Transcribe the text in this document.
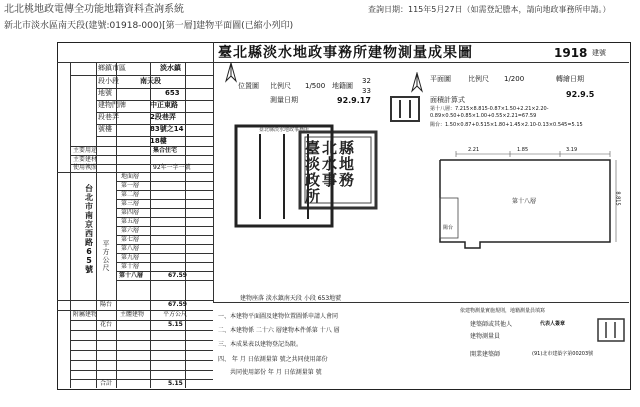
北北桃地政電傳全功能地籍資料查詢系統	查詢日期：115年5月27日（如需登記謄本，請向地政事務所申請。）
新北市淡水區南天段(建號:01918-000)[第一層]建物平面圖(已縮小列印)
臺北縣淡水地政事務所建物測量成果圖	1918 建號
鄉鎮市區	淡水鎮
段小段	南天段
地號	653
建物門牌	中正東路
段巷弄	2段巷弄
號樓	83號之14
18樓
主要用途	集合住宅
主要建材
使用執照	92年一字一號
台北市南京西路65號
地面層
第一層
第二層
第三層
第四層
第五層
第六層
第七層
第八層
第九層
第十層
第十八層	67.59
平方公尺
陽台	67.59
附屬建物	主體建物	平方公尺
花台	5.15
合計	5.15
位置圖 比例尺 1/500 地籍圖
32
33
測量日期	92.9.17
平面圖 比例尺 1/200	轉繪日期
92.9.5
面積計算式
第十八層：7.215×8.815-0.87×1.50+2.21×2.20-0.89×0.50+0.85×1.00+0.55×2.21=67.59
陽台：1.50×0.87+0.515×1.80+1.45×2.10-0.13×0.545=5.15
臺北縣淡水地政事務所
臺北縣淡水地政事務所
2.21	1.85	3.19
第十八層
陽台
8.815
建物座落 淡水鎮南天段 小段 653地號
一、本建物平面圖及建物位置圖係申請人會同
二、本建物係 二十六 層建物本件係第 十八 層
三、本成果表以建物登記為限。
四、 年 月 日依測量第 號之共同使用部份
共同使用部份 年 月 日依測量第 號
依建物測量實施規則，地籍測量員填寫
建築師或其他人	代表人簽章
建物測量員
開業建築師	(91)北市建築字第00203號
